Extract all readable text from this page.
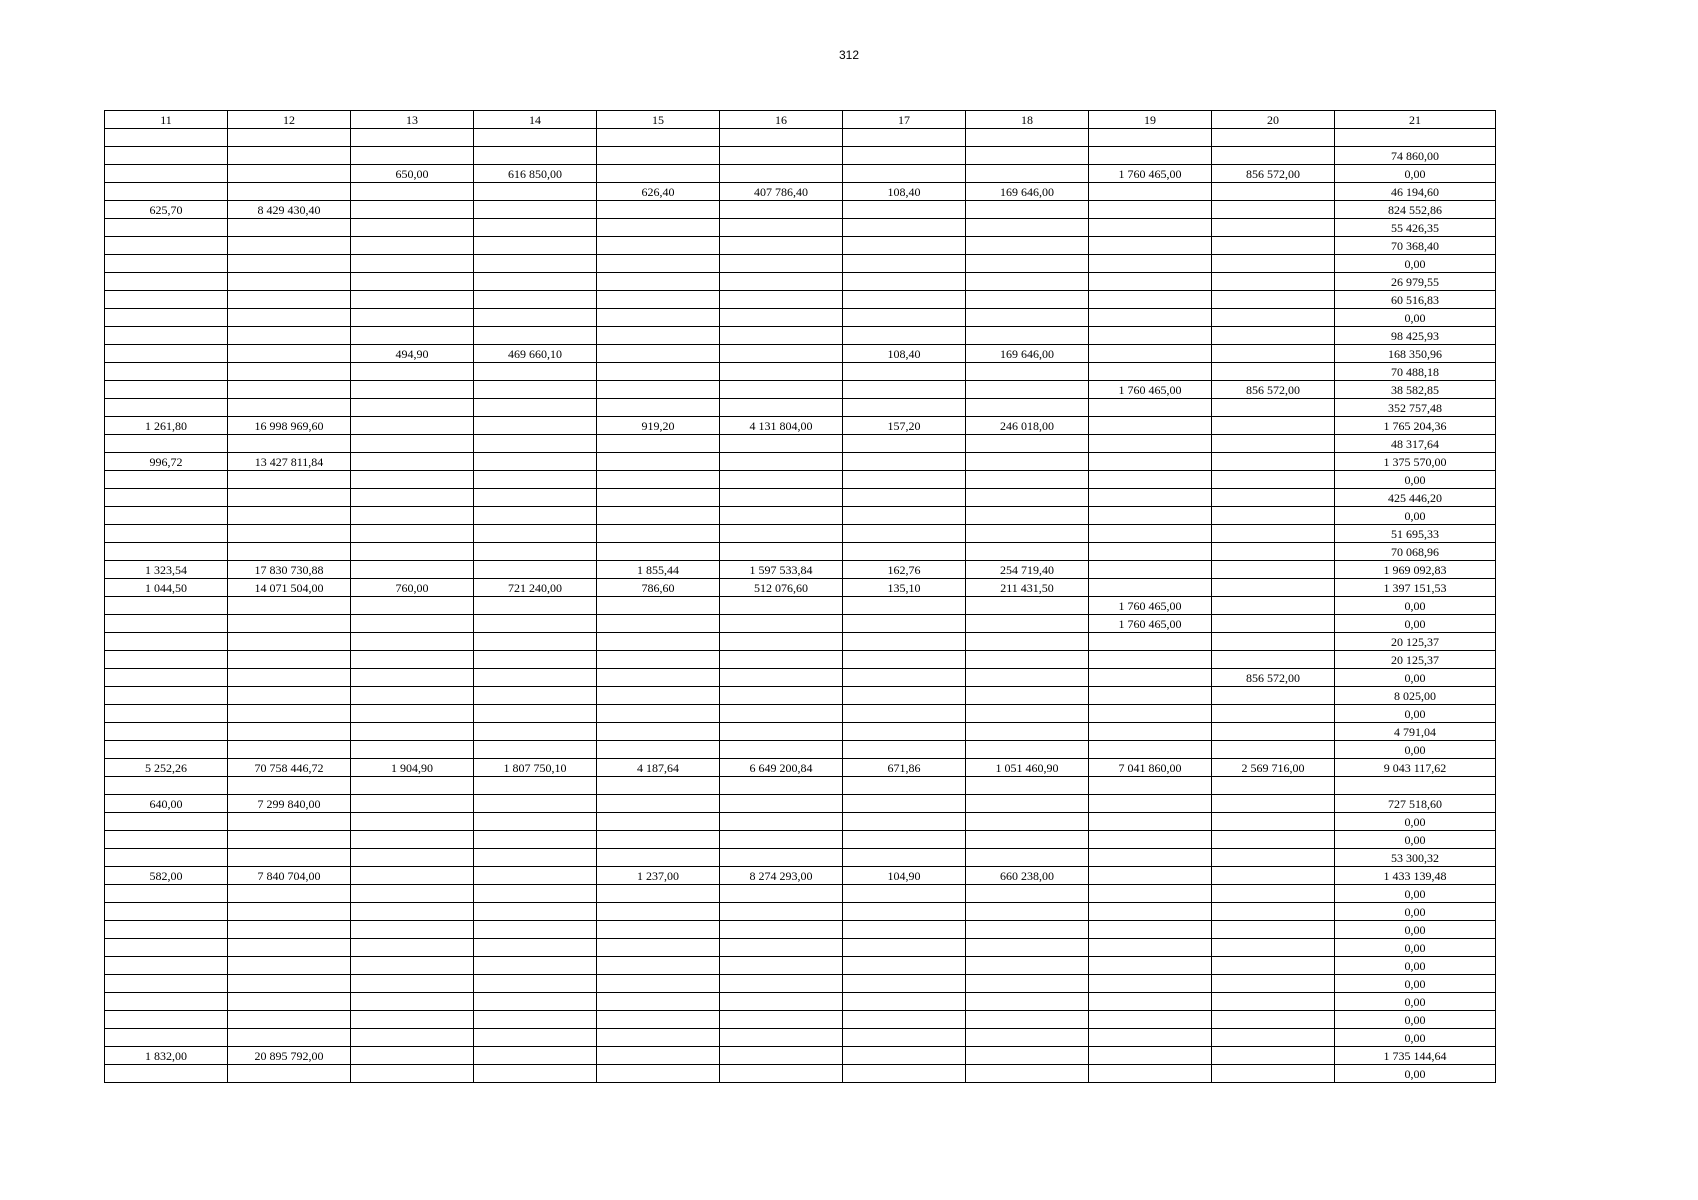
312
11	12	13	14	15	16	17	18	19	20	21

										74 860,00
		650,00	616 850,00					1 760 465,00	856 572,00	0,00
				626,40	407 786,40	108,40	169 646,00			46 194,60
625,70	8 429 430,40									824 552,86
										55 426,35
										70 368,40
										0,00
										26 979,55
										60 516,83
										0,00
										98 425,93
		494,90	469 660,10			108,40	169 646,00			168 350,96
										70 488,18
								1 760 465,00	856 572,00	38 582,85
										352 757,48
1 261,80	16 998 969,60			919,20	4 131 804,00	157,20	246 018,00			1 765 204,36
										48 317,64
996,72	13 427 811,84									1 375 570,00
										0,00
										425 446,20
										0,00
										51 695,33
										70 068,96
1 323,54	17 830 730,88			1 855,44	1 597 533,84	162,76	254 719,40			1 969 092,83
1 044,50	14 071 504,00	760,00	721 240,00	786,60	512 076,60	135,10	211 431,50			1 397 151,53
								1 760 465,00		0,00
								1 760 465,00		0,00
										20 125,37
										20 125,37
									856 572,00	0,00
										8 025,00
										0,00
										4 791,04
										0,00
5 252,26	70 758 446,72	1 904,90	1 807 750,10	4 187,64	6 649 200,84	671,86	1 051 460,90	7 041 860,00	2 569 716,00	9 043 117,62

640,00	7 299 840,00									727 518,60
										0,00
										0,00
										53 300,32
582,00	7 840 704,00			1 237,00	8 274 293,00	104,90	660 238,00			1 433 139,48
										0,00
										0,00
										0,00
										0,00
										0,00
										0,00
										0,00
										0,00
										0,00
1 832,00	20 895 792,00									1 735 144,64
										0,00
